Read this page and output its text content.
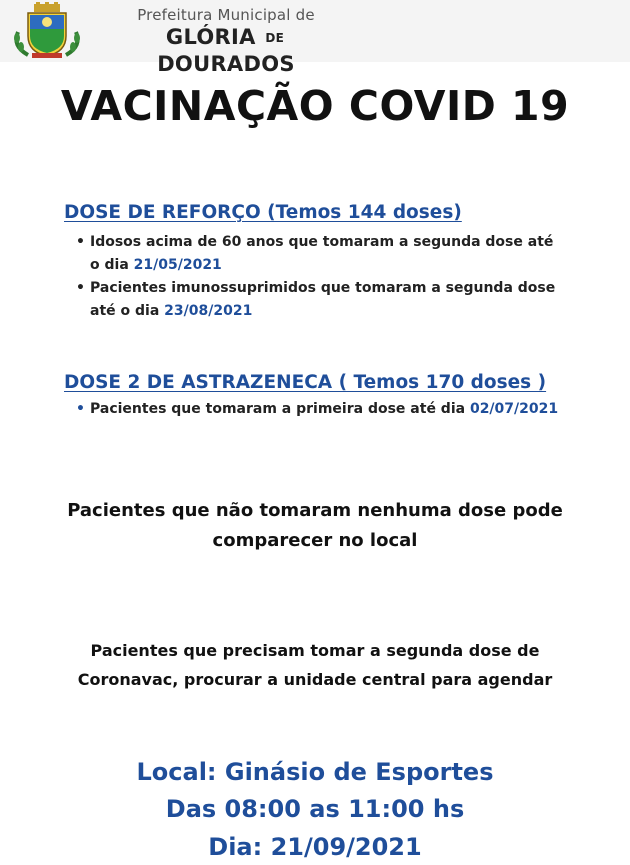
Prefeitura Municipal de
GLÓRIA DE DOURADOS
VACINAÇÃO COVID 19
DOSE DE REFORÇO (Temos 144 doses)
• Idosos acima de 60 anos que tomaram a segunda dose até
o dia 21/05/2021
• Pacientes imunossuprimidos que tomaram a segunda dose
até o dia 23/08/2021
DOSE 2 DE ASTRAZENECA ( Temos 170 doses )
• Pacientes que tomaram a primeira dose até dia 02/07/2021
Pacientes que não tomaram nenhuma dose pode
comparecer no local
Pacientes que precisam tomar a segunda dose de
Coronavac, procurar a unidade central para agendar
Local: Ginásio de Esportes
Das 08:00 as 11:00 hs
Dia: 21/09/2021
